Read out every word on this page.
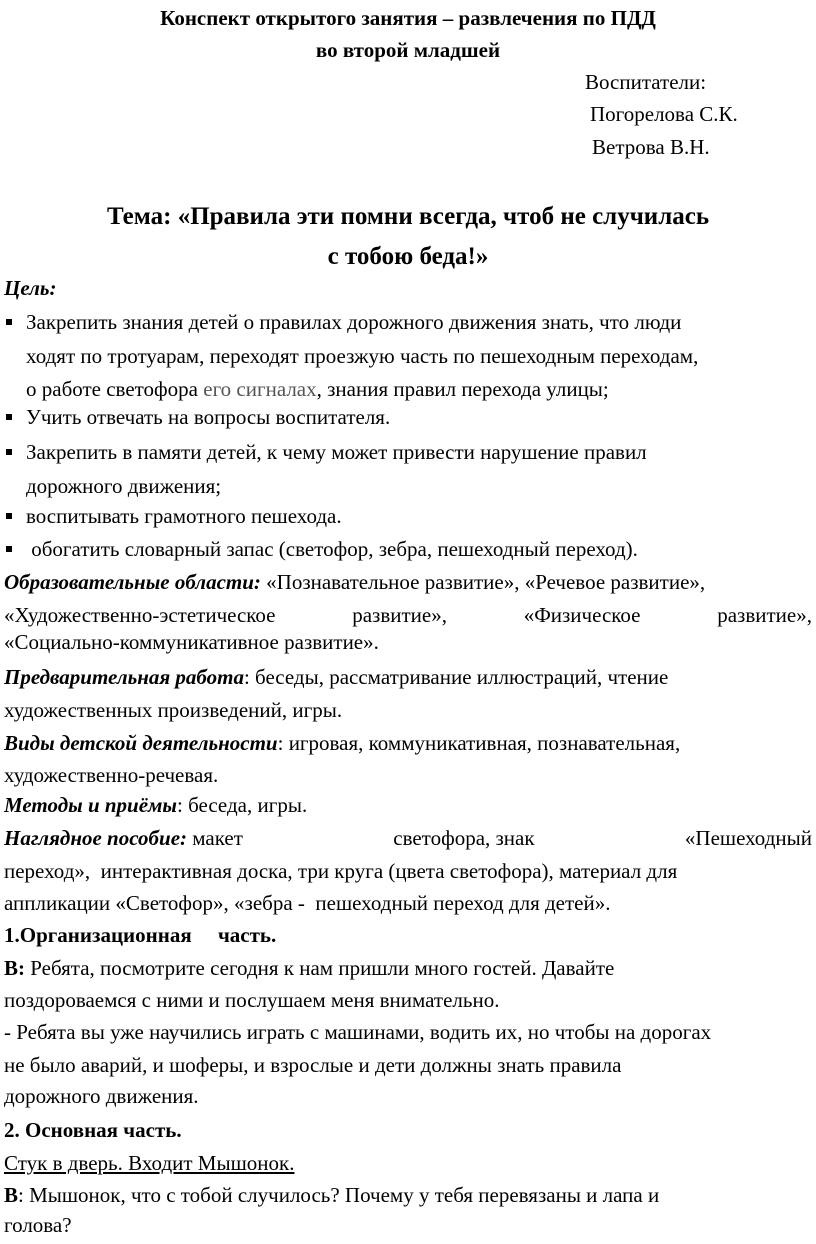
Конспект открытого занятия – развлечения по ПДД
во второй младшей
Воспитатели:
Погорелова С.К.
Ветрова В.Н.
Тема: «Правила эти помни всегда, чтоб не случилась
с тобою беда!»
Цель:
Закрепить знания детей о правилах дорожного движения знать, что люди
ходят по тротуарам, переходят проезжую часть по пешеходным переходам,
о работе светофора его сигналах, знания правил перехода улицы;
Учить отвечать на вопросы воспитателя.
Закрепить в памяти детей, к чему может привести нарушение правил
дорожного движения;
воспитывать грамотного пешехода.
обогатить словарный запас (светофор, зебра, пешеходный переход).
Образовательные области: «Познавательное развитие», «Речевое развитие»,
«Художественно-эстетическое	развитие»,	«Физическое	развитие»,
«Социально-коммуникативное развитие».
Предварительная работа: беседы, рассматривание иллюстраций, чтение
художественных произведений, игры.
Виды детской деятельности: игровая, коммуникативная, познавательная,
художественно-речевая.
Методы и приёмы: беседа, игры.
Наглядное пособие: макет	светофора, знак	«Пешеходный
переход»,  интерактивная доска, три круга (цвета светофора), материал для
аппликации «Светофор», «зебра -  пешеходный переход для детей».
1.Организационная     часть.
В: Ребята, посмотрите сегодня к нам пришли много гостей. Давайте
поздороваемся с ними и послушаем меня внимательно.
- Ребята вы уже научились играть с машинами, водить их, но чтобы на дорогах
не было аварий, и шоферы, и взрослые и дети должны знать правила
дорожного движения.
2. Основная часть.
Стук в дверь. Входит Мышонок.
В: Мышонок, что с тобой случилось? Почему у тебя перевязаны и лапа и
голова?
